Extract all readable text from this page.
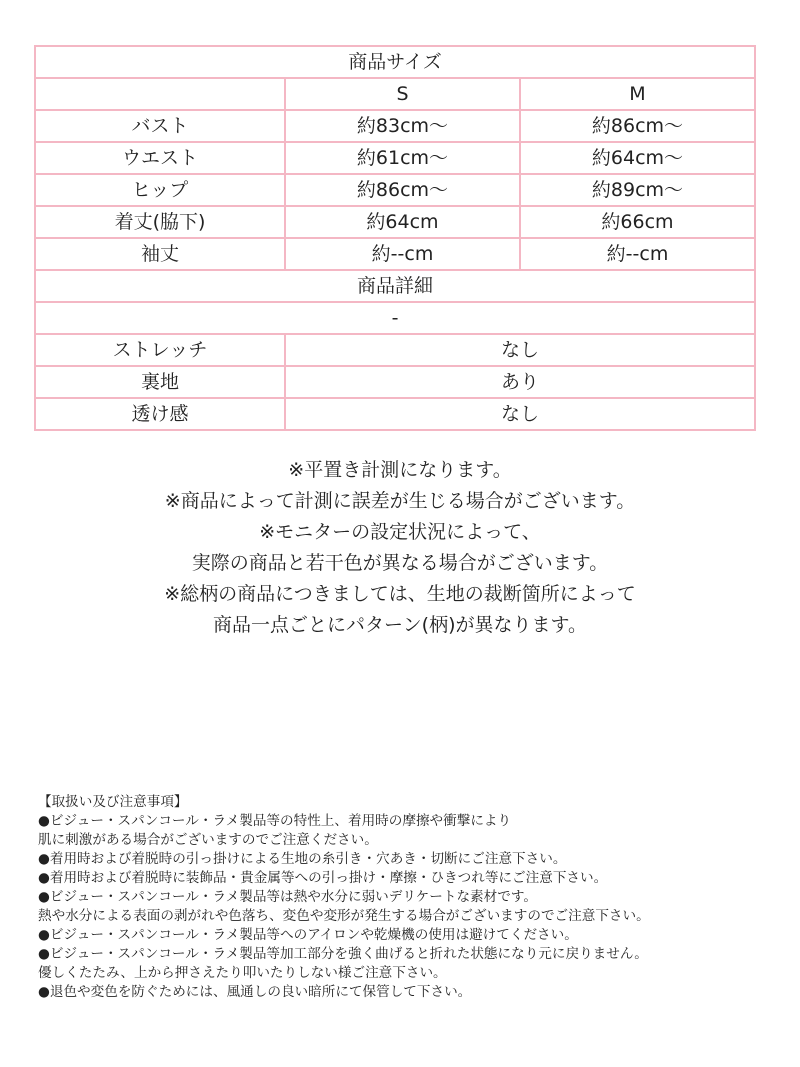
商品サイズ		
	S	M
バスト	約83cm～	約86cm～
ウエスト	約61cm～	約64cm～
ヒップ	約86cm～	約89cm～
着丈(脇下)	約64cm	約66cm
袖丈	約--cm	約--cm
商品詳細		
-		
ストレッチ	なし	
裏地	あり	
透け感	なし	
※平置き計測になります。
※商品によって計測に誤差が生じる場合がございます。
※モニターの設定状況によって、
実際の商品と若干色が異なる場合がございます。
※総柄の商品につきましては、生地の裁断箇所によって
商品一点ごとにパターン(柄)が異なります。
【取扱い及び注意事項】
●ビジュー・スパンコール・ラメ製品等の特性上、着用時の摩擦や衝撃により
肌に刺激がある場合がございますのでご注意ください。
●着用時および着脱時の引っ掛けによる生地の糸引き・穴あき・切断にご注意下さい。
●着用時および着脱時に装飾品・貴金属等への引っ掛け・摩擦・ひきつれ等にご注意下さい。
●ビジュー・スパンコール・ラメ製品等は熱や水分に弱いデリケートな素材です。
熱や水分による表面の剥がれや色落ち、変色や変形が発生する場合がございますのでご注意下さい。
●ビジュー・スパンコール・ラメ製品等へのアイロンや乾燥機の使用は避けてください。
●ビジュー・スパンコール・ラメ製品等加工部分を強く曲げると折れた状態になり元に戻りません。
優しくたたみ、上から押さえたり叩いたりしない様ご注意下さい。
●退色や変色を防ぐためには、風通しの良い暗所にて保管して下さい。
